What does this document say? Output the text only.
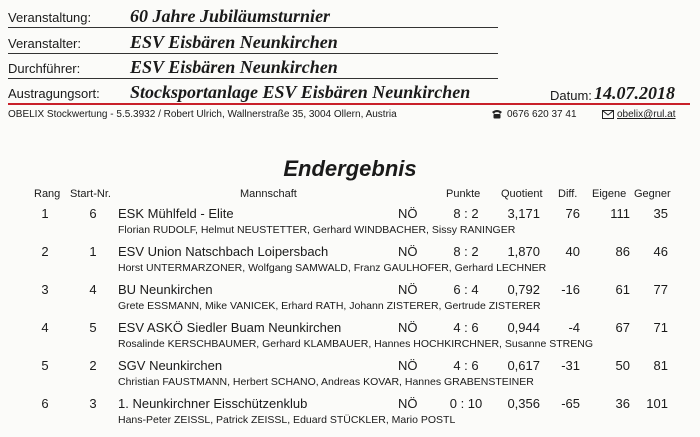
Veranstaltung:	60 Jahre Jubiläumsturnier
Veranstalter:	ESV Eisbären Neunkirchen
Durchführer:	ESV Eisbären Neunkirchen
Austragungsort:	Stocksportanlage ESV Eisbären Neunkirchen	Datum: 14.07.2018
OBELIX Stockwertung - 5.5.3932 / Robert Ulrich, Wallnerstraße 35, 3004 Ollern, Austria	0676 620 37 41	obelix@rul.at
Endergebnis
Rang Start-Nr.	Mannschaft	Punkte Quotient Diff. Eigene Gegner
1	6 ESK Mühlfeld - Elite	NÖ	8 : 2	3,171	76	111	35
Florian RUDOLF, Helmut NEUSTETTER, Gerhard WINDBACHER, Sissy RANINGER
2	1 ESV Union Natschbach Loipersbach	NÖ	8 : 2	1,870	40	86	46
Horst UNTERMARZONER, Wolfgang SAMWALD, Franz GAULHOFER, Gerhard LECHNER
3	4 BU Neunkirchen	NÖ	6 : 4	0,792	-16	61	77
Grete ESSMANN, Mike VANICEK, Erhard RATH, Johann ZISTERER, Gertrude ZISTERER
4	5 ESV ASKÖ Siedler Buam Neunkirchen	NÖ	4 : 6	0,944	-4	67	71
Rosalinde KERSCHBAUMER, Gerhard KLAMBAUER, Hannes HOCHKIRCHNER, Susanne STRENG
5	2 SGV Neunkirchen	NÖ	4 : 6	0,617	-31	50	81
Christian FAUSTMANN, Herbert SCHANO, Andreas KOVAR, Hannes GRABENSTEINER
6	3 1. Neunkirchner Eisschützenklub	NÖ	0 : 10	0,356	-65	36	101
Hans-Peter ZEISSL, Patrick ZEISSL, Eduard STÜCKLER, Mario POSTL
